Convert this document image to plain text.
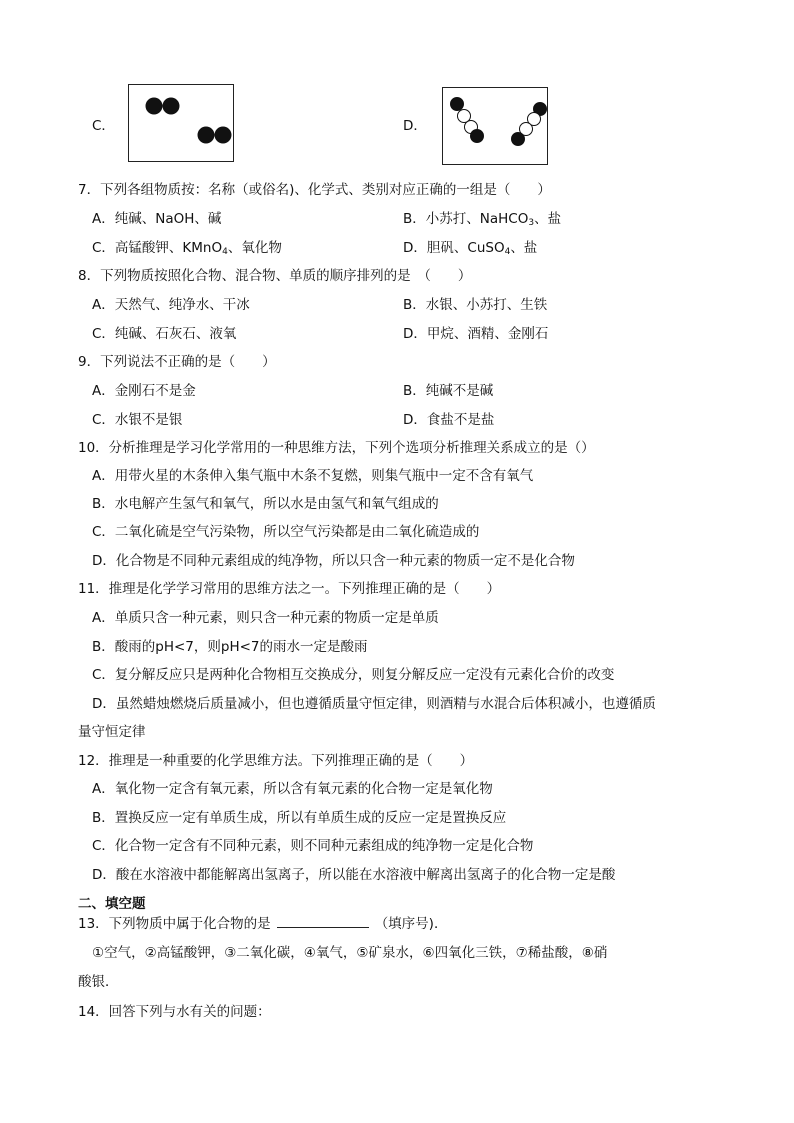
C．	D．
7．下列各组物质按：名称（或俗名)、化学式、类别对应正确的一组是（　　）
A．纯碱、NaOH、碱	B．小苏打、NaHCO$_3$、盐
C．高锰酸钾、KMnO$_4$、氧化物	D．胆矾、CuSO$_4$、盐
8．下列物质按照化合物、混合物、单质的顺序排列的是　（　　）
A．天然气、纯净水、干冰	B．水银、小苏打、生铁
C．纯碱、石灰石、液氧	D．甲烷、酒精、金刚石
9．下列说法不正确的是（　　）
A．金刚石不是金	B．纯碱不是碱
C．水银不是银	D．食盐不是盐
10．分析推理是学习化学常用的一种思维方法，下列个选项分析推理关系成立的是（）
A．用带火星的木条伸入集气瓶中木条不复燃，则集气瓶中一定不含有氧气
B．水电解产生氢气和氧气，所以水是由氢气和氧气组成的
C．二氧化硫是空气污染物，所以空气污染都是由二氧化硫造成的
D．化合物是不同种元素组成的纯净物，所以只含一种元素的物质一定不是化合物
11．推理是化学学习常用的思维方法之一。下列推理正确的是（　　）
A．单质只含一种元素，则只含一种元素的物质一定是单质
B．酸雨的pH<7，则pH<7的雨水一定是酸雨
C．复分解反应只是两种化合物相互交换成分，则复分解反应一定没有元素化合价的改变
D．虽然蜡烛燃烧后质量减小，但也遵循质量守恒定律，则酒精与水混合后体积减小，也遵循质
量守恒定律
12．推理是一种重要的化学思维方法。下列推理正确的是（　　）
A．氧化物一定含有氧元素，所以含有氧元素的化合物一定是氧化物
B．置换反应一定有单质生成，所以有单质生成的反应一定是置换反应
C．化合物一定含有不同种元素，则不同种元素组成的纯净物一定是化合物
D．酸在水溶液中都能解离出氢离子，所以能在水溶液中解离出氢离子的化合物一定是酸
二、填空题
13．下列物质中属于化合物的是	（填序号)．
①空气，②高锰酸钾，③二氧化碳，④氧气，⑤矿泉水，⑥四氧化三铁，⑦稀盐酸，⑧硝
酸银．
14．回答下列与水有关的问题：
